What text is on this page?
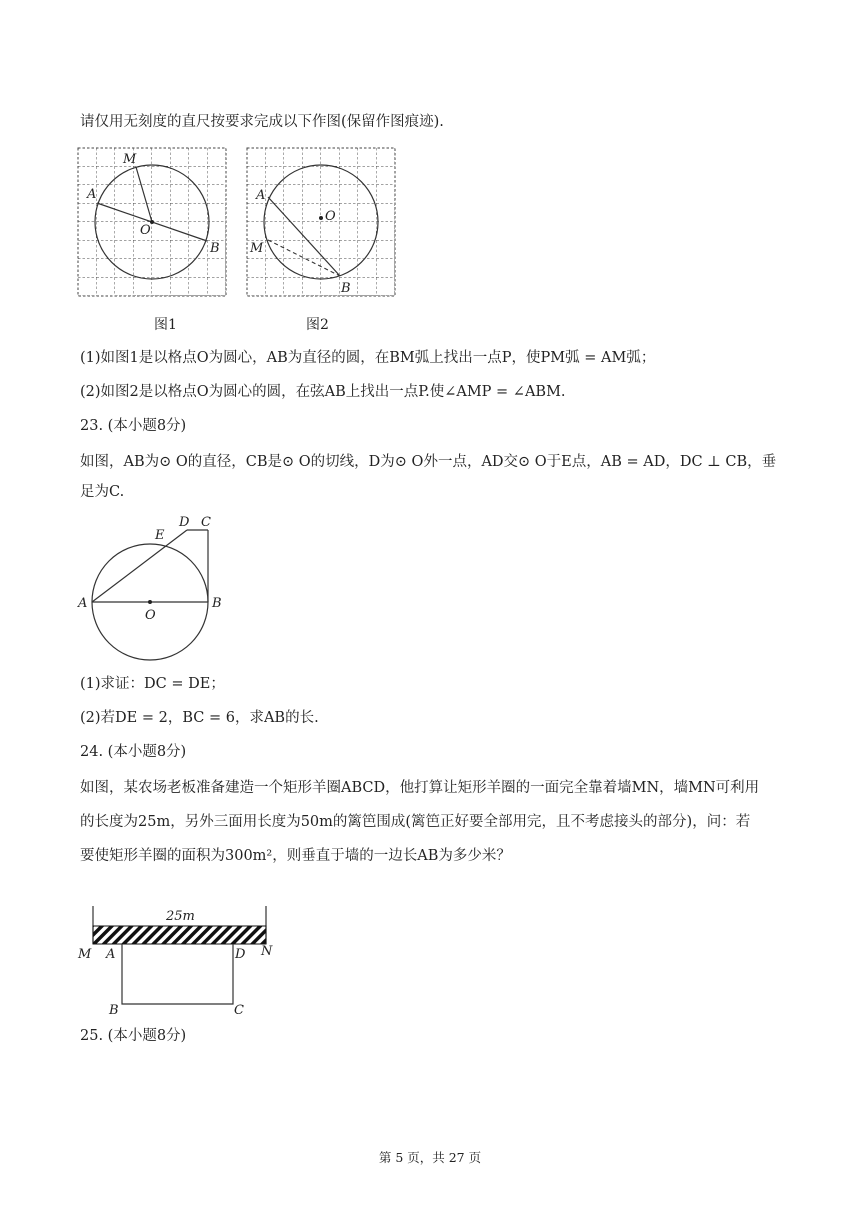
请仅用无刻度的直尺按要求完成以下作图(保留作图痕迹).
M
A
O
B
图1
A
O
M
B
图2
(1)如图1是以格点O为圆心，AB为直径的圆，在BM弧上找出一点P，使PM弧 = AM弧；
(2)如图2是以格点O为圆心的圆，在弦AB上找出一点P.使∠AMP = ∠ABM.
23. (本小题8分)
如图，AB为⊙ O的直径，CB是⊙ O的切线，D为⊙ O外一点，AD交⊙ O于E点，AB = AD，DC ⊥ CB，垂
足为C.
E
D C
A
O
B
(1)求证：DC = DE；
(2)若DE = 2，BC = 6，求AB的长.
24. (本小题8分)
如图，某农场老板准备建造一个矩形羊圈ABCD，他打算让矩形羊圈的一面完全靠着墙MN，墙MN可利用
的长度为25m，另外三面用长度为50m的篱笆围成(篱笆正好要全部用完，且不考虑接头的部分)，问：若
要使矩形羊圈的面积为300m²，则垂直于墙的一边长AB为多少米？
25m
M A	D N
B	C
25. (本小题8分)
第 5 页，共 27 页
